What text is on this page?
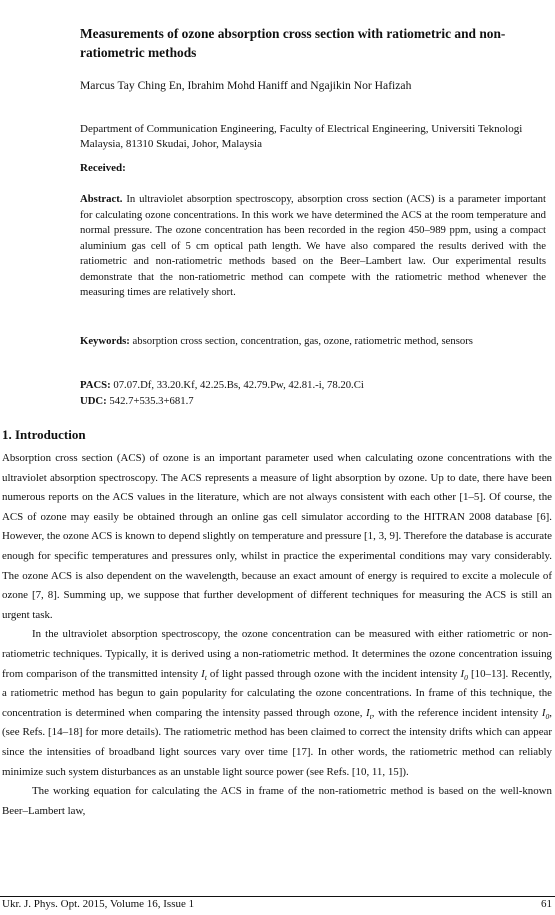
Measurements of ozone absorption cross section with ratiometric and non-ratiometric methods
Marcus Tay Ching En, Ibrahim Mohd Haniff and Ngajikin Nor Hafizah
Department of Communication Engineering, Faculty of Electrical Engineering, Universiti Teknologi Malaysia, 81310 Skudai, Johor, Malaysia
Received:
Abstract. In ultraviolet absorption spectroscopy, absorption cross section (ACS) is a parameter important for calculating ozone concentrations. In this work we have determined the ACS at the room temperature and normal pressure. The ozone concentration has been recorded in the region 450–989 ppm, using a compact aluminium gas cell of 5 cm optical path length. We have also compared the results derived with the ratiometric and non-ratiometric methods based on the Beer–Lambert law. Our experimental results demonstrate that the non-ratiometric method can compete with the ratiometric method whenever the measuring times are relatively short.
Keywords: absorption cross section, concentration, gas, ozone, ratiometric method, sensors
PACS: 07.07.Df, 33.20.Kf, 42.25.Bs, 42.79.Pw, 42.81.-i, 78.20.Ci
UDC: 542.7+535.3+681.7
1. Introduction

Absorption cross section (ACS) of ozone is an important parameter used when calculating ozone concentrations with the ultraviolet absorption spectroscopy. The ACS represents a measure of light absorption by ozone. Up to date, there have been numerous reports on the ACS values in the literature, which are not always consistent with each other [1–5]. Of course, the ACS of ozone may easily be obtained through an online gas cell simulator according to the HITRAN 2008 database [6]. However, the ozone ACS is known to depend slightly on temperature and pressure [1, 3, 9]. Therefore the database is accurate enough for specific temperatures and pressures only, whilst in practice the experimental conditions may vary considerably. The ozone ACS is also dependent on the wavelength, because an exact amount of energy is required to excite a molecule of ozone [7, 8]. Summing up, we suppose that further development of different techniques for measuring the ACS is still an urgent task.

In the ultraviolet absorption spectroscopy, the ozone concentration can be measured with either ratiometric or non-ratiometric techniques. Typically, it is derived using a non-ratiometric method. It determines the ozone concentration issuing from comparison of the transmitted intensity $I_t$ of light passed through ozone with the incident intensity $I_0$ [10–13]. Recently, a ratiometric method has begun to gain popularity for calculating the ozone concentrations. In frame of this technique, the concentration is determined when comparing the intensity passed through ozone, $I_t$, with the reference incident intensity $I_0$, (see Refs. [14–18] for more details). The ratiometric method has been claimed to correct the intensity drifts which can appear since the intensities of broadband light sources vary over time [17]. In other words, the ratiometric method can reliably minimize such system disturbances as an unstable light source power (see Refs. [10, 11, 15]).

The working equation for calculating the ACS in frame of the non-ratiometric method is based on the well-known Beer–Lambert law,

Ukr. J. Phys. Opt. 2015, Volume 16, Issue 1	61
